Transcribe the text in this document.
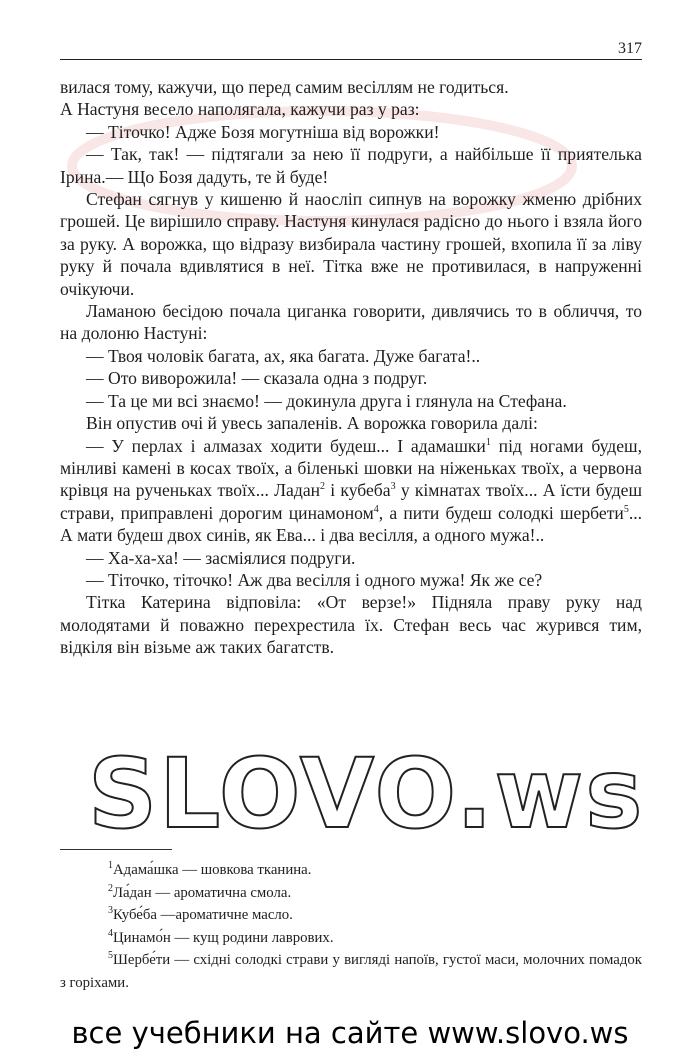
317

вилася тому, кажучи, що перед самим весіллям не годиться.

А Настуня весело наполягала, кажучи раз у раз:

— Тіточко! Адже Бозя могутніша від ворожки!

— Так, так! — підтягали за нею її подруги, а найбільше її приятелька Ірина.— Що Бозя дадуть, те й буде!

Стефан сягнув у кишеню й наослiп сипнув на ворожку жменю дрібних грошей. Це вирішило справу. Настуня кинулася радісно до нього і взяла його за руку. А ворожка, що відразу визбирала частину грошей, вхопила її за ліву руку й почала вдивлятися в неї. Тітка вже не противилася, в напруженні очікуючи.

Ламаною бесідою почала циганка говорити, дивлячись то в обличчя, то на долоню Настуні:

— Твоя чоловік багата, ах, яка багата. Дуже багата!..

— Ото виворожила! — сказала одна з подруг.

— Та це ми всі знаємо! — докинула друга і глянула на Стефана.

Він опустив очі й увесь запаленів. А ворожка говорила далі:

— У перлах і алмазах ходити будеш... І адамашки$^1$ під ногами будеш, мінливі камені в косах твоїх, а біленькі шовки на ніженьках твоїх, а червона крівця на рученьках твоїх... Ладан$^2$ і кубеба$^3$ у кімнатах твоїх... А їсти будеш страви, приправлені дорогим цинамоном$^4$, а пити будеш солодкі шербети$^5$... А мати будеш двох синів, як Ева... і два весілля, а одного мужа!..

— Ха-ха-ха! — засміялися подруги.

— Тіточко, тіточко! Аж два весілля і одного мужа! Як же се?

Тітка Катерина відповіла: «От верзе!» Підняла праву руку над молодятами й поважно перехрестила їх. Стефан весь час журився тим, відкіля він візьме аж таких багатств.

SLOVO.ws

$^1$Адама́шка — шовкова тканина.

$^2$Ла́дан — ароматична смола.

$^3$Кубе́ба —ароматичне масло.

$^4$Цинамо́н — кущ родини лаврових.

$^5$Шербе́ти — східні солодкі страви у вигляді напоїв, густої маси, молочних помадок з горіхами.

все учебники на сайте www.slovo.ws
